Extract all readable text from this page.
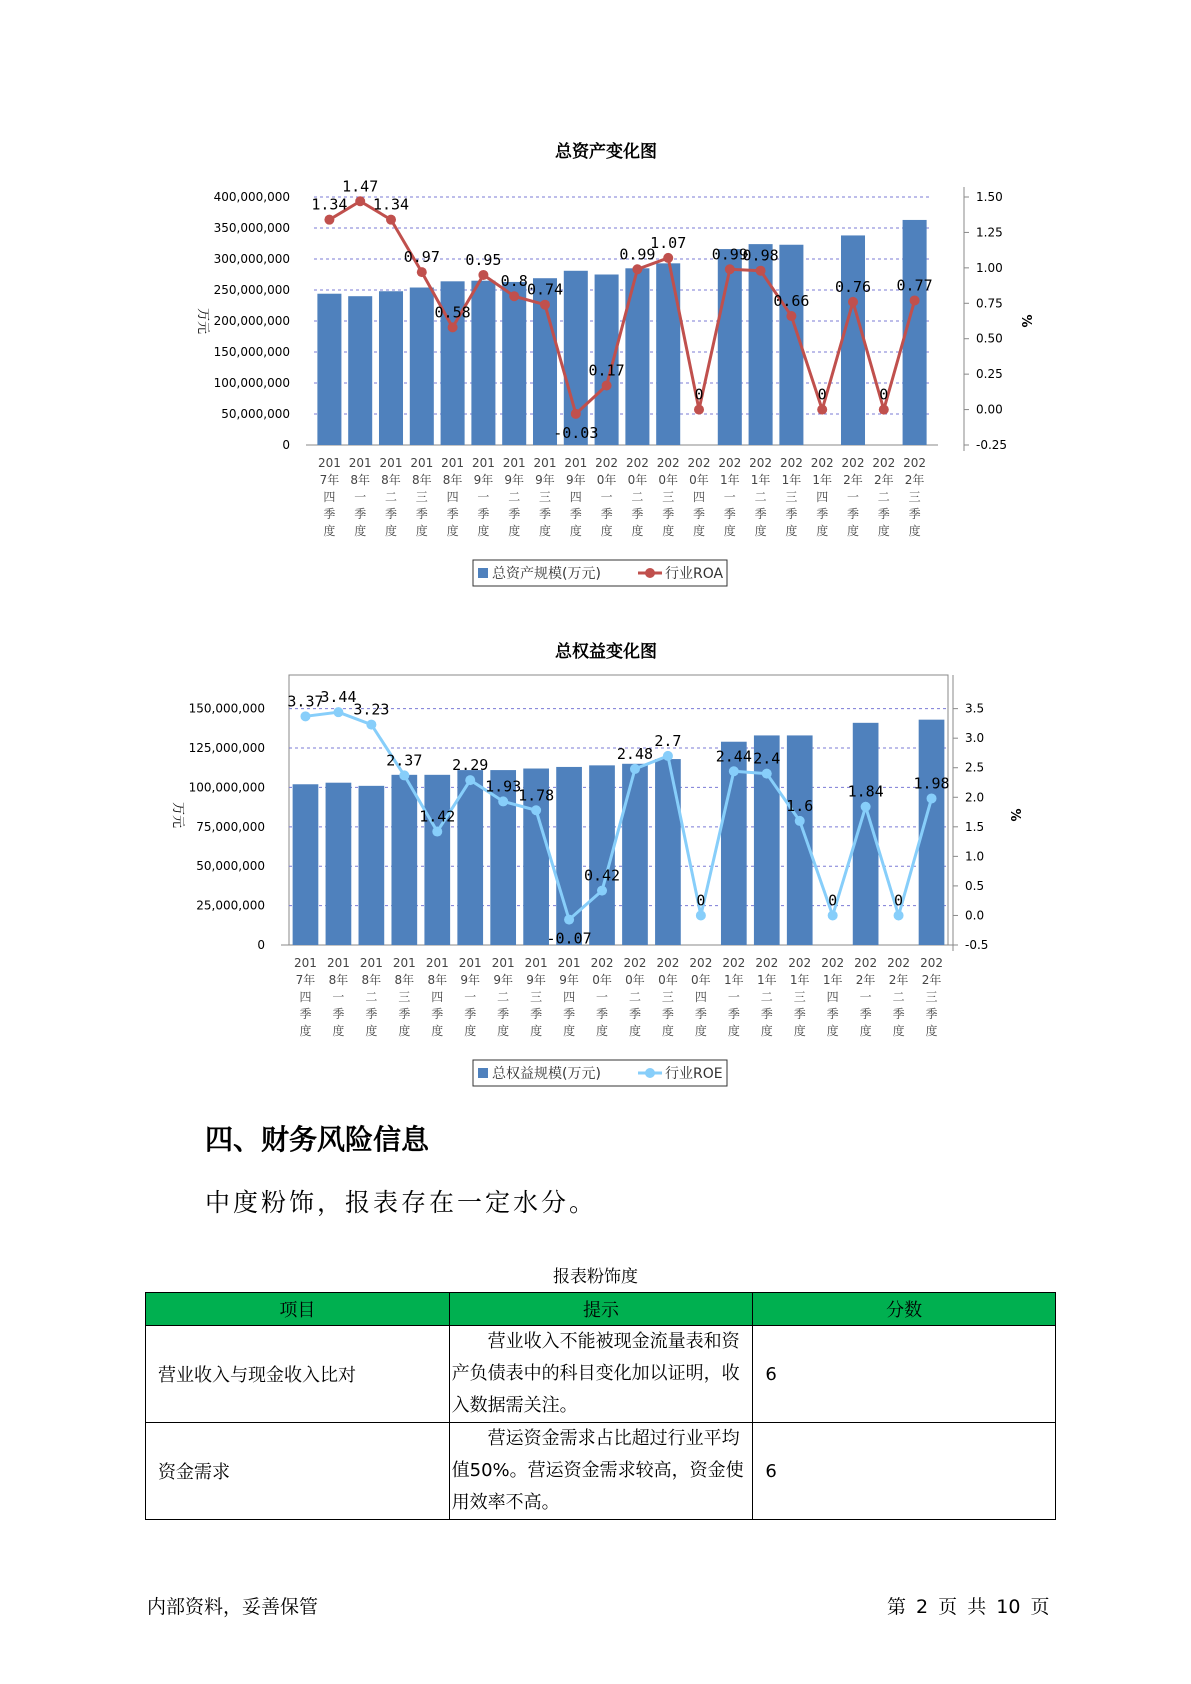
总资产变化图
0
50,000,000
100,000,000
150,000,000
200,000,000
250,000,000
300,000,000
350,000,000
400,000,000
-0.25
0.00
0.25
0.50
0.75
1.00
1.25
1.50
万元	%
201 7年四季度
201 8年一季度
201 8年二季度
201 8年三季度
201 8年四季度
201 9年一季度
201 9年二季度
201 9年三季度
201 9年四季度
202 0年一季度
202 0年二季度
202 0年三季度
202 0年四季度
202 1年一季度
202 1年二季度
202 1年三季度
202 1年四季度
202 2年一季度
202 2年二季度
202 2年三季度
1.34
1.47
1.34
0.97
0.58
0.95
0.8 0.74
-0.03
0.17
0.99
1.07
0
0.99
0.98
0.66
0
0.76
0
0.77
总资产规模(万元)	行业ROA
总权益变化图
0
25,000,000
50,000,000
75,000,000
100,000,000
125,000,000
150,000,000
-0.5
0.0
0.5
1.0
1.5
2.0
2.5
3.0
3.5
万元	%
201 7年四季度
201 8年一季度
201 8年二季度
201 8年三季度
201 8年四季度
201 9年一季度
201 9年二季度
201 9年三季度
201 9年四季度
202 0年一季度
202 0年二季度
202 0年三季度
202 0年四季度
202 1年一季度
202 1年二季度
202 1年三季度
202 1年四季度
202 2年一季度
202 2年二季度
202 2年三季度
3.37
3.44
3.23
2.37
1.42
2.29
1.93
1.78
-0.07
0.42
2.48
2.7
0
2.44 2.4
1.6
0
1.84
0
1.98
总权益规模(万元)	行业ROE
四、财务风险信息

中度粉饰，报表存在一定水分。

报表粉饰度
项目	提示	分数
营业收入与现金收入比对	营业收入不能被现金流量表和资产负债表中的科目变化加以证明，收入数据需关注。	6
资金需求	营运资金需求占比超过行业平均值50%。营运资金需求较高，资金使用效率不高。	6
内部资料，妥善保管	第 2 页 共 10 页
